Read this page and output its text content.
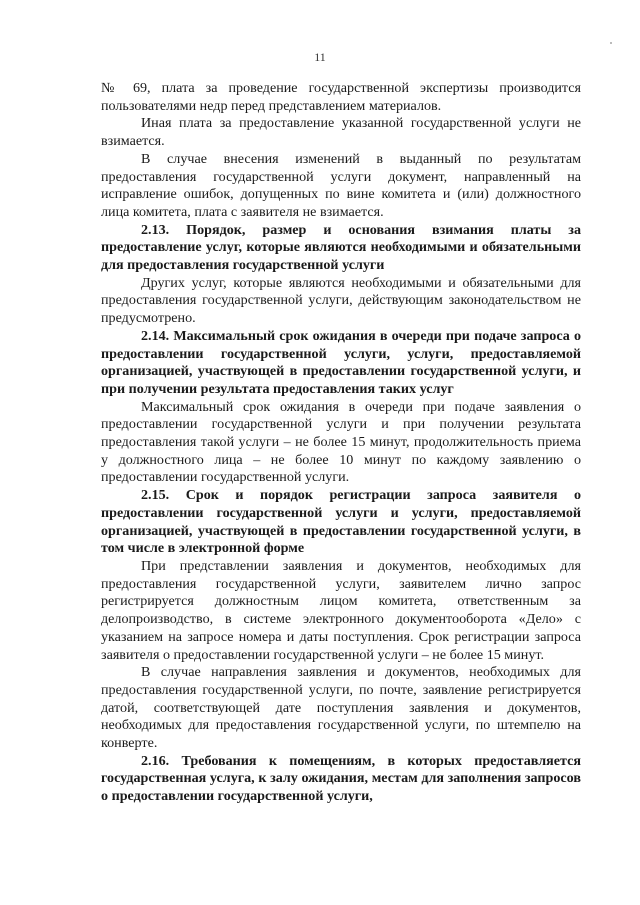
11

№ 69, плата за проведение государственной экспертизы производится пользователями недр перед представлением материалов.

Иная плата за предоставление указанной государственной услуги не взимается.

В случае внесения изменений в выданный по результатам предоставления государственной услуги документ, направленный на исправление ошибок, допущенных по вине комитета и (или) должностного лица комитета, плата с заявителя не взимается.

2.13. Порядок, размер и основания взимания платы за предоставление услуг, которые являются необходимыми и обязательными для предоставления государственной услуги

Других услуг, которые являются необходимыми и обязательными для предоставления государственной услуги, действующим законодательством не предусмотрено.

2.14. Максимальный срок ожидания в очереди при подаче запроса о предоставлении государственной услуги, услуги, предоставляемой организацией, участвующей в предоставлении государственной услуги, и при получении результата предоставления таких услуг

Максимальный срок ожидания в очереди при подаче заявления о предоставлении государственной услуги и при получении результата предоставления такой услуги – не более 15 минут, продолжительность приема у должностного лица – не более 10 минут по каждому заявлению о предоставлении государственной услуги.

2.15. Срок и порядок регистрации запроса заявителя о предоставлении государственной услуги и услуги, предоставляемой организацией, участвующей в предоставлении государственной услуги, в том числе в электронной форме

При представлении заявления и документов, необходимых для предоставления государственной услуги, заявителем лично запрос регистрируется должностным лицом комитета, ответственным за делопроизводство, в системе электронного документооборота «Дело» с указанием на запросе номера и даты поступления. Срок регистрации запроса заявителя о предоставлении государственной услуги – не более 15 минут.

В случае направления заявления и документов, необходимых для предоставления государственной услуги, по почте, заявление регистрируется датой, соответствующей дате поступления заявления и документов, необходимых для предоставления государственной услуги, по штемпелю на конверте.

2.16. Требования к помещениям, в которых предоставляется государственная услуга, к залу ожидания, местам для заполнения запросов о предоставлении государственной услуги,
